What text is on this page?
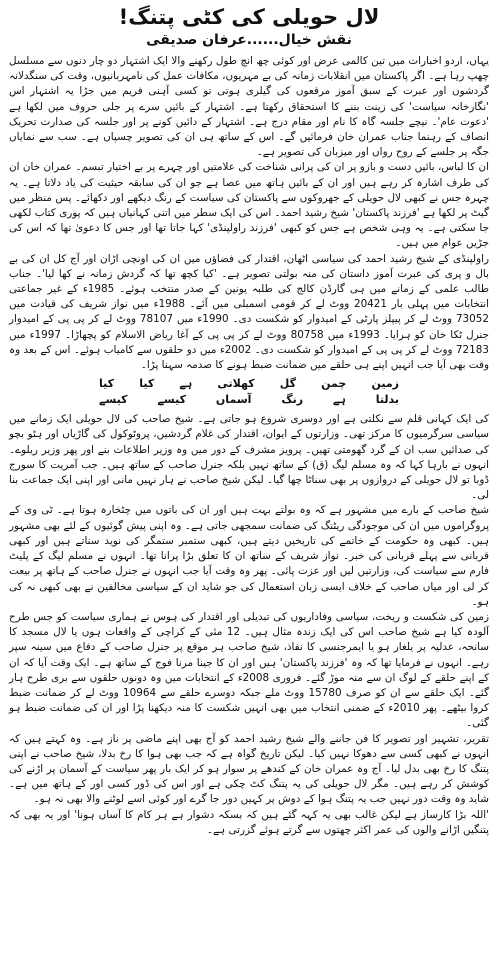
لال حویلی کی کٹی پتنگ!
نقش خیال......عرفان صدیقی

یہاں، اردو اخبارات میں تین کالمی عرض اور کوئی چھ انچ طول رکھنے والا ایک اشتہار دو چار دنوں سے مسلسل چھپ رہا ہے۔ اگر پاکستان میں انقلابات زمانہ کی بے مہریوں، مکافات عمل کی نامہربانیوں، وقت کی سنگدلانہ گردشوں اور عبرت کے سبق آموز مرقعوں کی گیلری ہوتی تو کسی آہنی فریم میں جڑا یہ اشتہار اس 'نگارخانہ سیاست' کی زینت بننے کا استحقاق رکھتا ہے۔ اشتہار کے بائیں سرے پر جلی حروف میں لکھا ہے 'دعوت عام'۔ نیچے جلسہ گاہ کا نام اور مقام درج ہے۔ اشتہار کے دائیں کونے پر اور جلسہ کی صدارت تحریک انصاف کے رہنما جناب عمران خان فرمائیں گے۔ اس کے ساتھ ہی ان کی تصویر چسپاں ہے۔ سب سے نمایاں جگہ پر جلسے کے روح رواں اور میزبان کی تصویر ہے۔

ان کا لباس، بائیں دست و بازو پر ان کی پرانی شناخت کی علامتیں اور چہرے پر بے اختیار تبسم۔ عمران خان ان کی طرف اشارہ کر رہے ہیں اور ان کے بائیں ہاتھ میں عصا ہے جو ان کی سابقہ حیثیت کی یاد دلاتا ہے۔ یہ چہرہ جس نے کبھی لال حویلی کے جھروکوں سے پاکستان کی سیاست کے رنگ دیکھے اور دکھائے۔ پس منظر میں گیٹ پر لکھا ہے 'فرزند پاکستان' شیخ رشید احمد۔ اس کی ایک سطر میں اتنی کہانیاں ہیں کہ پوری کتاب لکھی جا سکتی ہے۔ یہ وہی شخص ہے جس کو کبھی 'فرزند راولپنڈی' کہا جاتا تھا اور جس کا دعویٰ تھا کہ اس کی جڑیں عوام میں ہیں۔

راولپنڈی کے شیخ رشید احمد کی سیاسی اٹھان، اقتدار کی فضاؤں میں ان کی اونچی اڑان اور آج کل ان کی بے بال و پری کی عبرت آموز داستان کی منہ بولتی تصویر ہے۔ 'کیا کچھ تھا کہ گردش زمانہ نے کھا لیا'۔ جناب طالب علمی کے زمانے میں ہی گارڈن کالج کی طلبہ یونین کے صدر منتخب ہوئے۔ 1985ء کے غیر جماعتی انتخابات میں پہلی بار 20421 ووٹ لے کر قومی اسمبلی میں آئے۔ 1988ء میں نواز شریف کی قیادت میں 73052 ووٹ لے کر پیپلز پارٹی کے امیدوار کو شکست دی۔ 1990ء میں 78107 ووٹ لے کر پی پی کے امیدوار جنرل ٹکا خان کو ہرایا۔ 1993ء میں 80758 ووٹ لے کر پی پی کے آغا ریاض الاسلام کو پچھاڑا۔ 1997ء میں 72183 ووٹ لے کر پی پی کے امیدوار کو شکست دی۔ 2002ء میں دو حلقوں سے کامیاب ہوئے۔ اس کے بعد وہ وقت بھی آیا جب انہیں اپنے ہی حلقے میں ضمانت ضبط ہونے کا صدمہ سہنا پڑا۔

زمین
چمن
گل
کھلاتی
ہے
کیا
کیا
بدلتا
ہے
رنگ
آسماں
کیسے
کیسے

کی ایک کہانی قلم سے نکلتی ہے اور دوسری شروع ہو جاتی ہے۔ شیخ صاحب کی لال حویلی ایک زمانے میں سیاسی سرگرمیوں کا مرکز تھی۔ وزارتوں کے ایوان، اقتدار کی غلام گردشیں، پروٹوکول کی گاڑیاں اور ہٹو بچو کی صدائیں سب ان کے گرد گھومتی تھیں۔ پرویز مشرف کے دور میں وہ وزیر اطلاعات بنے اور پھر وزیر ریلوے۔ انہوں نے بارہا کہا کہ وہ مسلم لیگ (ق) کے ساتھ نہیں بلکہ جنرل صاحب کے ساتھ ہیں۔ جب آمریت کا سورج ڈوبا تو لال حویلی کے دروازوں پر بھی سناٹا چھا گیا۔ لیکن شیخ صاحب نے ہار نہیں مانی اور اپنی ایک جماعت بنا لی۔

شیخ صاحب کے بارے میں مشہور ہے کہ وہ بولتے بہت ہیں اور ان کی باتوں میں چٹخارہ ہوتا ہے۔ ٹی وی کے پروگراموں میں ان کی موجودگی ریٹنگ کی ضمانت سمجھی جاتی ہے۔ وہ اپنی پیش گوئیوں کے لئے بھی مشہور ہیں۔ کبھی وہ حکومت کے خاتمے کی تاریخیں دیتے ہیں، کبھی ستمبر ستمگر کی نوید سناتے ہیں اور کبھی قربانی سے پہلے قربانی کی خبر۔ نواز شریف کے ساتھ ان کا تعلق بڑا پرانا تھا۔ انہوں نے مسلم لیگ کے پلیٹ فارم سے سیاست کی، وزارتیں لیں اور عزت پائی۔ پھر وہ وقت آیا جب انہوں نے جنرل صاحب کے ہاتھ پر بیعت کر لی اور میاں صاحب کے خلاف ایسی زبان استعمال کی جو شاید ان کے سیاسی مخالفین نے بھی کبھی نہ کی ہو۔

زمین کی شکست و ریخت، سیاسی وفاداریوں کی تبدیلی اور اقتدار کی ہوس نے ہماری سیاست کو جس طرح آلودہ کیا ہے شیخ صاحب اس کی ایک زندہ مثال ہیں۔ 12 مئی کے کراچی کے واقعات ہوں یا لال مسجد کا سانحہ، عدلیہ پر یلغار ہو یا ایمرجنسی کا نفاذ، شیخ صاحب ہر موقع پر جنرل صاحب کے دفاع میں سینہ سپر رہے۔ انہوں نے فرمایا تھا کہ وہ 'فرزند پاکستان' ہیں اور ان کا جینا مرنا فوج کے ساتھ ہے۔ ایک وقت آیا کہ ان کے اپنے حلقے کے لوگ ان سے منہ موڑ گئے۔ فروری 2008ء کے انتخابات میں وہ دونوں حلقوں سے بری طرح ہار گئے۔ ایک حلقے سے ان کو صرف 15780 ووٹ ملے جبکہ دوسرے حلقے سے 10964 ووٹ لے کر ضمانت ضبط کروا بیٹھے۔ پھر 2010ء کے ضمنی انتخاب میں بھی انہیں شکست کا منہ دیکھنا پڑا اور ان کی ضمانت ضبط ہو گئی۔

تقریر، تشہیر اور تصویر کا فن جاننے والے شیخ رشید احمد کو آج بھی اپنے ماضی پر ناز ہے۔ وہ کہتے ہیں کہ انہوں نے کبھی کسی سے دھوکا نہیں کیا۔ لیکن تاریخ گواہ ہے کہ جب بھی ہوا کا رخ بدلا، شیخ صاحب نے اپنی پتنگ کا رخ بھی بدل لیا۔ آج وہ عمران خان کے کندھے پر سوار ہو کر ایک بار پھر سیاست کے آسمان پر اڑنے کی کوشش کر رہے ہیں۔ مگر لال حویلی کی یہ پتنگ کٹ چکی ہے اور اس کی ڈور کسی اور کے ہاتھ میں ہے۔ شاید وہ وقت دور نہیں جب یہ پتنگ ہوا کے دوش پر کہیں دور جا گرے اور کوئی اسے لوٹنے والا بھی نہ ہو۔

'اللہ بڑا کارساز ہے لیکن غالب بھی یہ کہہ گئے ہیں کہ بسکہ دشوار ہے ہر کام کا آساں ہونا' اور یہ بھی کہ پتنگیں اڑانے والوں کی عمر اکثر چھتوں سے گرتے ہوئے گزرتی ہے۔
